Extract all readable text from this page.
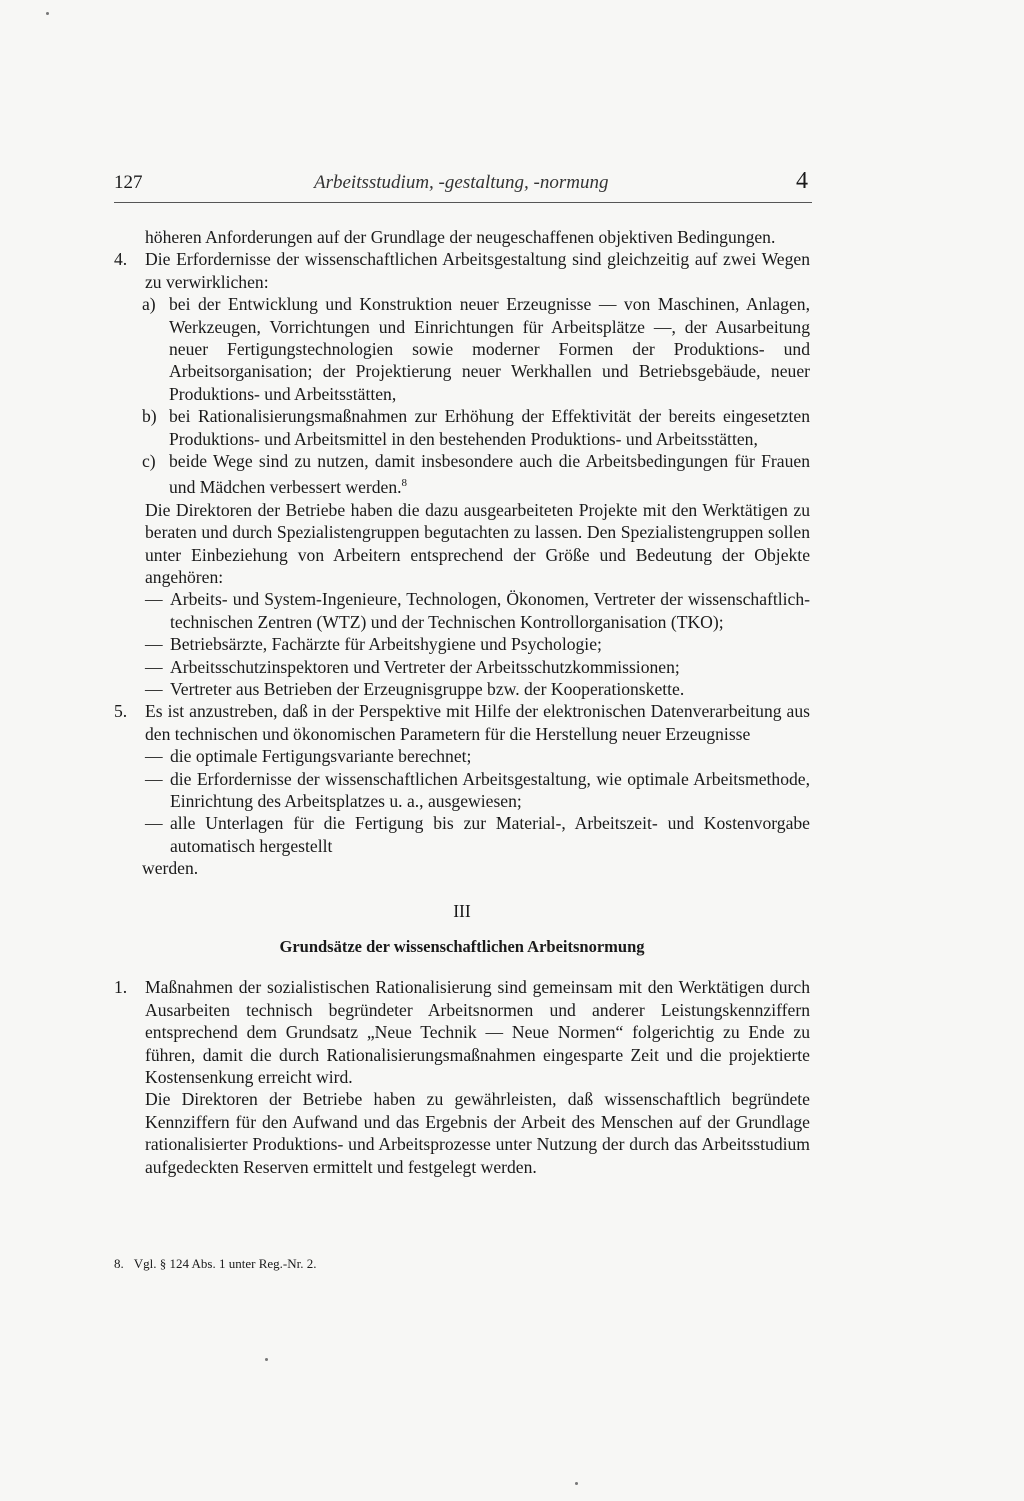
127	Arbeitsstudium, -gestaltung, -normung	4

höheren Anforderungen auf der Grundlage der neugeschaffenen objektiven Bedingungen.

4. Die Erfordernisse der wissenschaftlichen Arbeitsgestaltung sind gleichzeitig auf zwei Wegen zu verwirklichen:

a) bei der Entwicklung und Konstruktion neuer Erzeugnisse — von Maschinen, Anlagen, Werkzeugen, Vorrichtungen und Einrichtungen für Arbeitsplätze —, der Ausarbeitung neuer Fertigungstechnologien sowie moderner Formen der Produktions- und Arbeitsorganisation; der Projektierung neuer Werkhallen und Betriebsgebäude, neuer Produktions- und Arbeitsstätten,

b) bei Rationalisierungsmaßnahmen zur Erhöhung der Effektivität der bereits eingesetzten Produktions- und Arbeitsmittel in den bestehenden Produktions- und Arbeitsstätten,

c) beide Wege sind zu nutzen, damit insbesondere auch die Arbeitsbedingungen für Frauen und Mädchen verbessert werden.$^8$

Die Direktoren der Betriebe haben die dazu ausgearbeiteten Projekte mit den Werktätigen zu beraten und durch Spezialistengruppen begutachten zu lassen. Den Spezialistengruppen sollen unter Einbeziehung von Arbeitern entsprechend der Größe und Bedeutung der Objekte angehören:

— Arbeits- und System-Ingenieure, Technologen, Ökonomen, Vertreter der wissenschaftlich-technischen Zentren (WTZ) und der Technischen Kontrollorganisation (TKO);

— Betriebsärzte, Fachärzte für Arbeitshygiene und Psychologie;

— Arbeitsschutzinspektoren und Vertreter der Arbeitsschutzkommissionen;

— Vertreter aus Betrieben der Erzeugnisgruppe bzw. der Kooperationskette.

5. Es ist anzustreben, daß in der Perspektive mit Hilfe der elektronischen Datenverarbeitung aus den technischen und ökonomischen Parametern für die Herstellung neuer Erzeugnisse

— die optimale Fertigungsvariante berechnet;

— die Erfordernisse der wissenschaftlichen Arbeitsgestaltung, wie optimale Arbeitsmethode, Einrichtung des Arbeitsplatzes u. a., ausgewiesen;

— alle Unterlagen für die Fertigung bis zur Material-, Arbeitszeit- und Kostenvorgabe automatisch hergestellt

werden.

III
Grundsätze der wissenschaftlichen Arbeitsnormung
1. Maßnahmen der sozialistischen Rationalisierung sind gemeinsam mit den Werktätigen durch Ausarbeiten technisch begründeter Arbeitsnormen und anderer Leistungskennziffern entsprechend dem Grundsatz „Neue Technik — Neue Normen“ folgerichtig zu Ende zu führen, damit die durch Rationalisierungsmaßnahmen eingesparte Zeit und die projektierte Kostensenkung erreicht wird.

Die Direktoren der Betriebe haben zu gewährleisten, daß wissenschaftlich begründete Kennziffern für den Aufwand und das Ergebnis der Arbeit des Menschen auf der Grundlage rationalisierter Produktions- und Arbeitsprozesse unter Nutzung der durch das Arbeitsstudium aufgedeckten Reserven ermittelt und festgelegt werden.

8. Vgl. § 124 Abs. 1 unter Reg.-Nr. 2.
